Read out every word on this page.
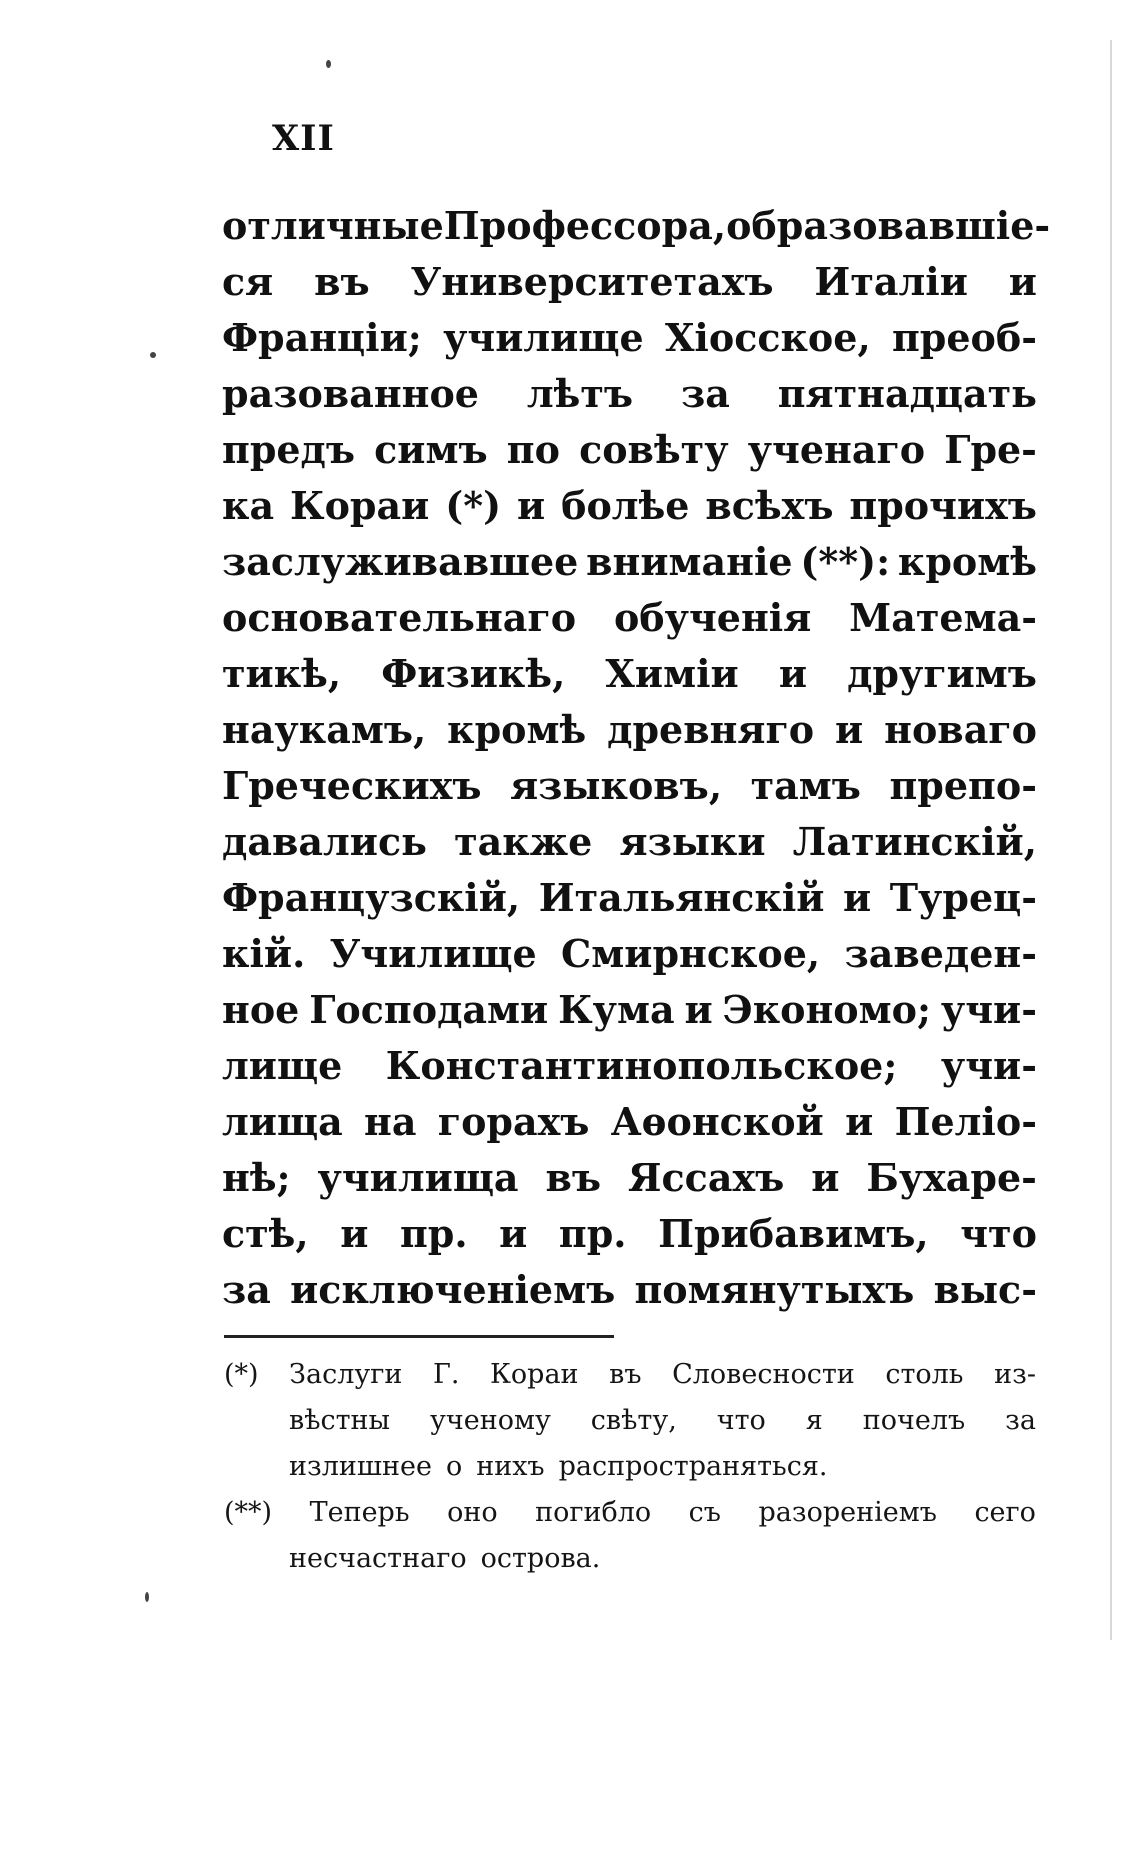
XII
отличные Профессора, образовавшіе-
ся въ Университетахъ Италіи и
Франціи; училище Хіосское, преоб-
разованное лѣтъ за пятнадцать
предъ симъ по совѣту ученаго Гре-
ка Кораи (*) и болѣе всѣхъ прочихъ
заслуживавшее вниманіе (**): кромѣ
основательнаго обученія Матема-
тикѣ, Физикѣ, Химіи и другимъ
наукамъ, кромѣ древняго и новаго
Греческихъ языковъ, тамъ препо-
давались также языки Латинскій,
Французскій, Итальянскій и Турец-
кій. Училище Смирнское, заведен-
ное Господами Кума и Экономо; учи-
лище Константинопольское; учи-
лища на горахъ Аѳонской и Пеліо-
нѣ; училища въ Яссахъ и Бухаре-
стѣ, и пр. и пр. Прибавимъ, что
за исключеніемъ помянутыхъ выс-
(*) Заслуги Г. Кораи въ Словесности столь из-
вѣстны ученому свѣту, что я почелъ за
излишнее о нихъ распространяться.
(**) Теперь оно погибло съ разореніемъ сего
несчастнаго острова.
